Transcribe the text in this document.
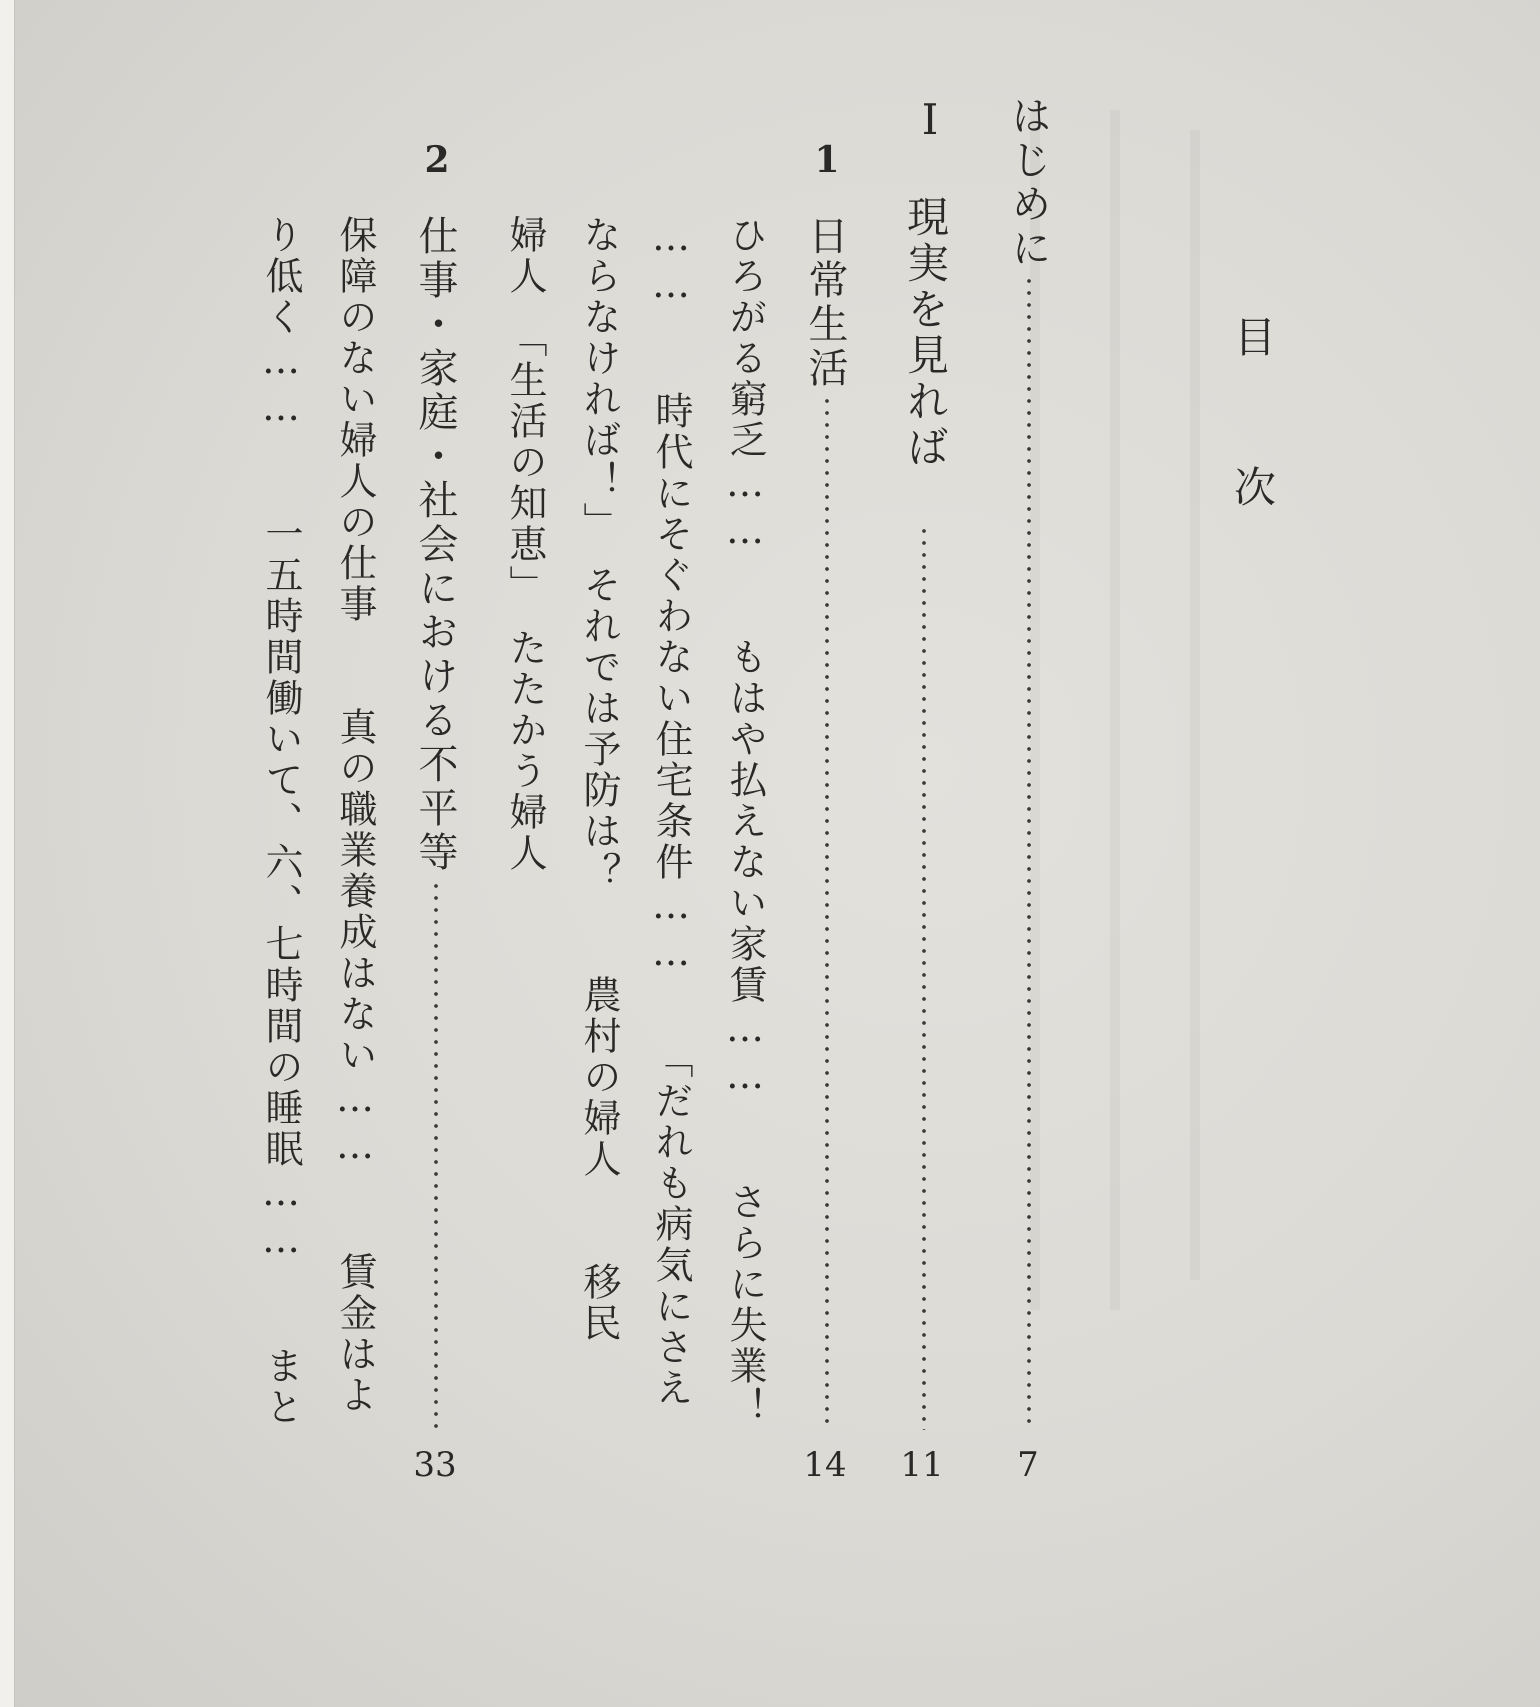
目
次
はじめに
7
I
現実を見れば
11
1
日常生活
14
ひろがる窮乏……　　もはや払えない家賃……　　さらに失業！
……　　時代にそぐわない住宅条件……　　「だれも病気にさえ
ならなければ！」　それでは予防は？　　農村の婦人　　移民
婦人　「生活の知恵」　たたかう婦人
2
仕事・家庭・社会における不平等
33
保障のない婦人の仕事　　真の職業養成はない……　　賃金はよ
り低く……　　一五時間働いて、六、七時間の睡眠……　　まと
